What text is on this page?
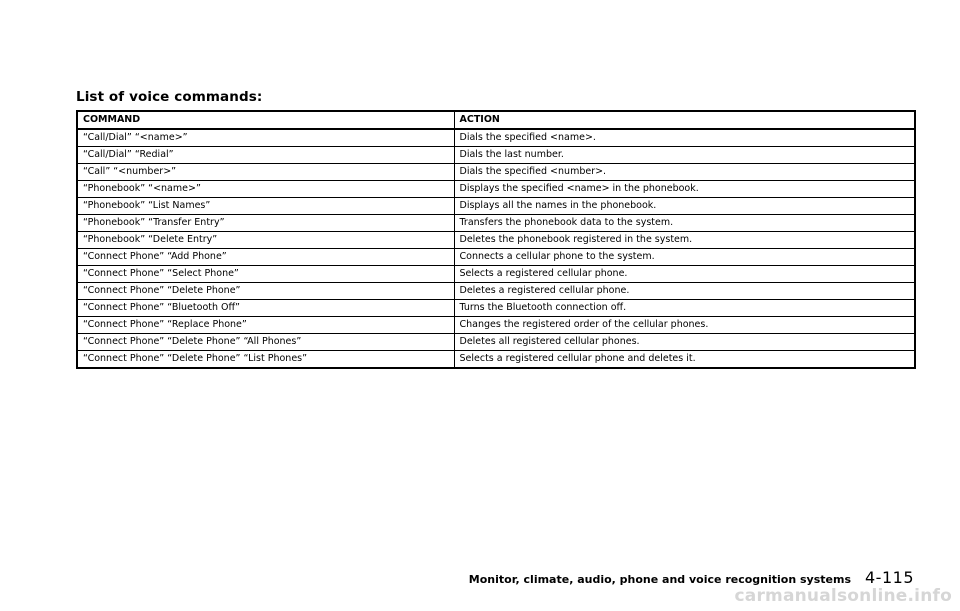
List of voice commands:
COMMAND	ACTION
“Call/Dial” “<name>”	Dials the specified <name>.
“Call/Dial” “Redial”	Dials the last number.
“Call” “<number>”	Dials the specified <number>.
“Phonebook” “<name>”	Displays the specified <name> in the phonebook.
“Phonebook” “List Names”	Displays all the names in the phonebook.
“Phonebook” “Transfer Entry”	Transfers the phonebook data to the system.
“Phonebook” “Delete Entry”	Deletes the phonebook registered in the system.
“Connect Phone” “Add Phone”	Connects a cellular phone to the system.
“Connect Phone” “Select Phone”	Selects a registered cellular phone.
“Connect Phone” “Delete Phone”	Deletes a registered cellular phone.
“Connect Phone” “Bluetooth Off”	Turns the Bluetooth connection off.
“Connect Phone” “Replace Phone”	Changes the registered order of the cellular phones.
“Connect Phone” “Delete Phone” “All Phones”	Deletes all registered cellular phones.
“Connect Phone” “Delete Phone” “List Phones”	Selects a registered cellular phone and deletes it.
Monitor, climate, audio, phone and voice recognition systems 4-115
carmanualsonline.info
